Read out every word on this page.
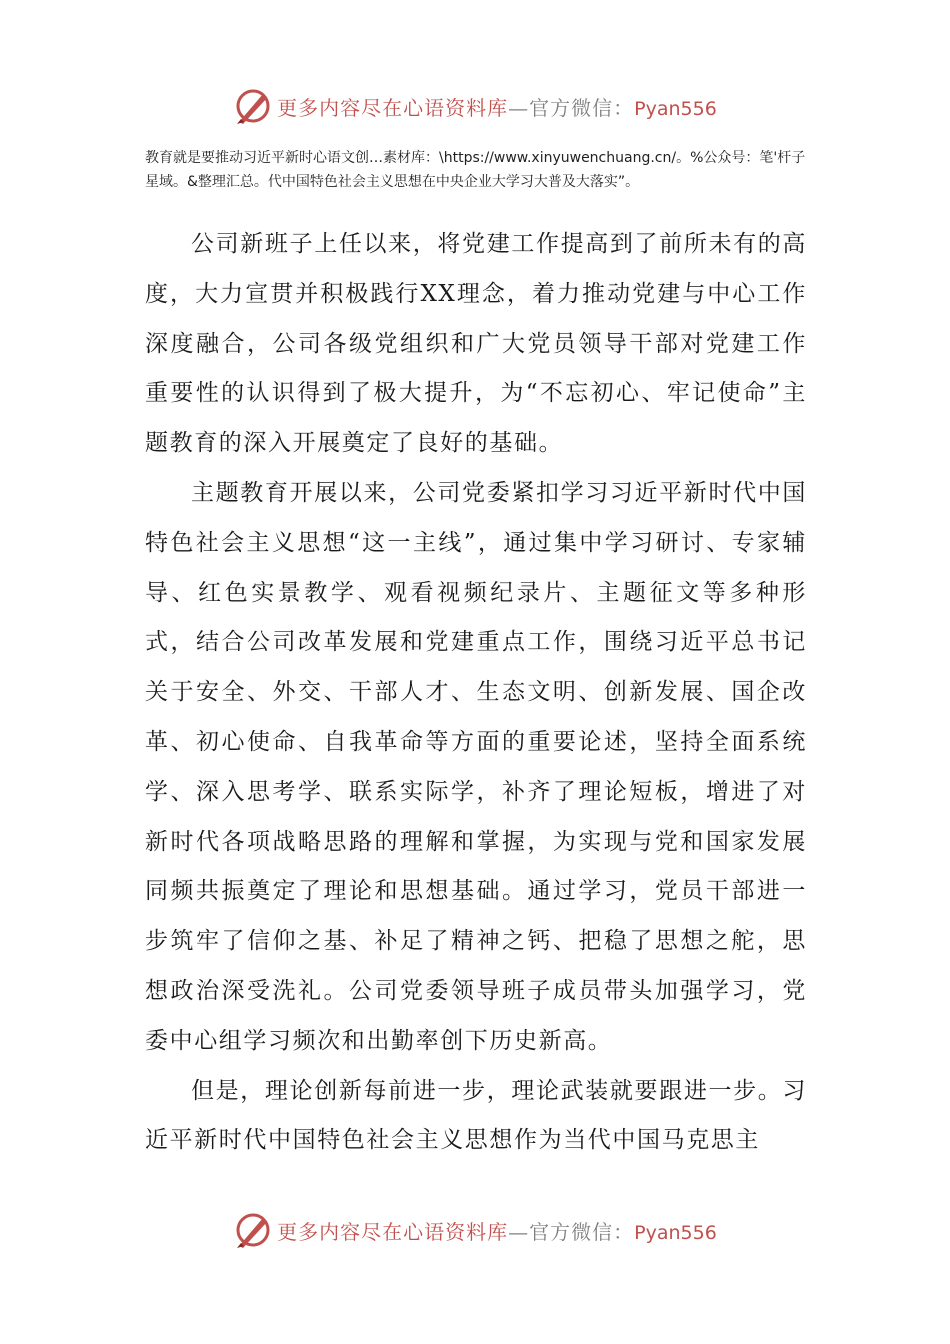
更多内容尽在心语资料库—官方微信：Pyan556
教育就是要推动习近平新时心语文创…素材库：\https://www.xinyuwenchuang.cn/。%公众号：笔'杆子星域。&整理汇总。代中国特色社会主义思想在中央企业大学习大普及大落实”。

公司新班子上任以来，将党建工作提高到了前所未有的高度，大力宣贯并积极践行XX理念，着力推动党建与中心工作深度融合，公司各级党组织和广大党员领导干部对党建工作重要性的认识得到了极大提升，为“不忘初心、牢记使命”主题教育的深入开展奠定了良好的基础。

主题教育开展以来，公司党委紧扣学习习近平新时代中国特色社会主义思想“这一主线”，通过集中学习研讨、专家辅导、红色实景教学、观看视频纪录片、主题征文等多种形式，结合公司改革发展和党建重点工作，围绕习近平总书记关于安全、外交、干部人才、生态文明、创新发展、国企改革、初心使命、自我革命等方面的重要论述，坚持全面系统学、深入思考学、联系实际学，补齐了理论短板，增进了对新时代各项战略思路的理解和掌握，为实现与党和国家发展同频共振奠定了理论和思想基础。通过学习，党员干部进一步筑牢了信仰之基、补足了精神之钙、把稳了思想之舵，思想政治深受洗礼。公司党委领导班子成员带头加强学习，党委中心组学习频次和出勤率创下历史新高。

但是，理论创新每前进一步，理论武装就要跟进一步。习近平新时代中国特色社会主义思想作为当代中国马克思主

更多内容尽在心语资料库—官方微信：Pyan556
